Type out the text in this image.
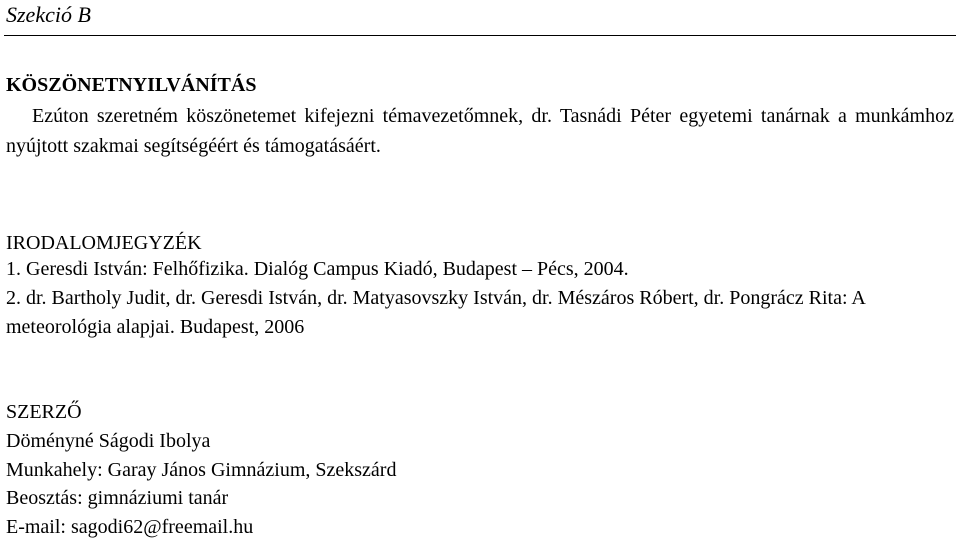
Szekció B
KÖSZÖNETNYILVÁNÍTÁS

Ezúton szeretném köszönetemet kifejezni témavezetőmnek, dr. Tasnádi Péter egyetemi tanárnak a munkámhoz nyújtott szakmai segítségéért és támogatásáért.

IRODALOMJEGYZÉK
1. Geresdi István: Felhőfizika. Dialóg Campus Kiadó, Budapest – Pécs, 2004.
2. dr. Bartholy Judit, dr. Geresdi István, dr. Matyasovszky István, dr. Mészáros Róbert, dr. Pongrácz Rita: A meteorológia alapjai. Budapest, 2006
SZERZŐ
Döményné Ságodi Ibolya
Munkahely: Garay János Gimnázium, Szekszárd
Beosztás: gimnáziumi tanár
E-mail: sagodi62@freemail.hu
